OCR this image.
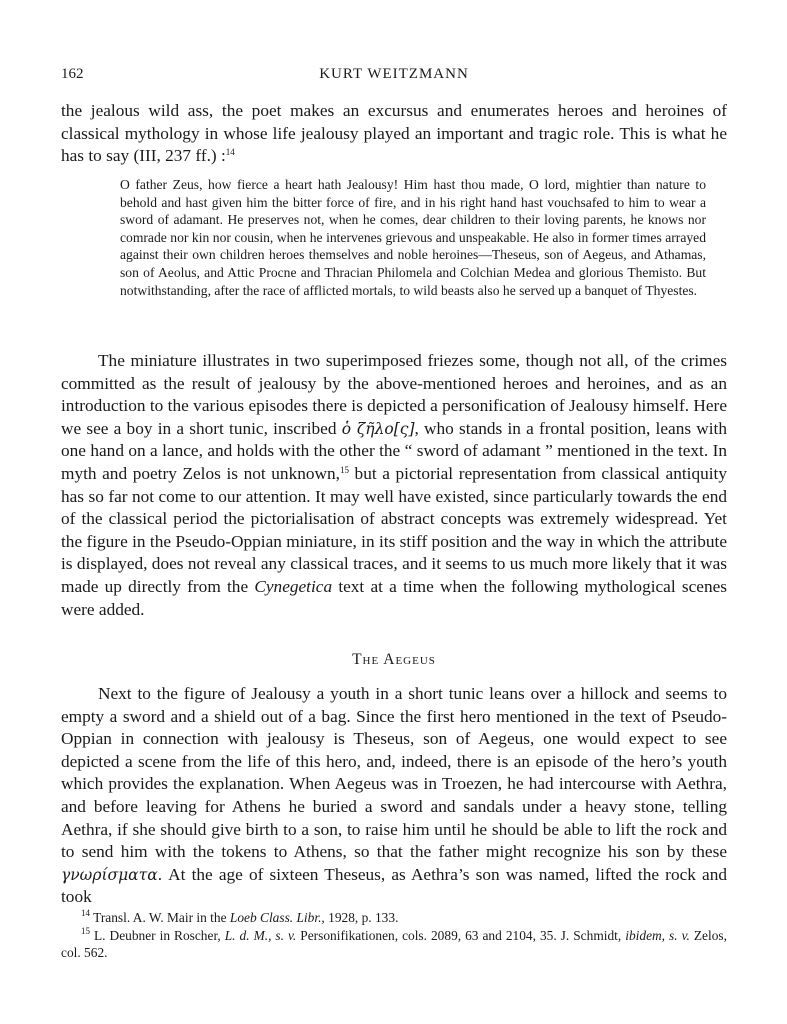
162	KURT WEITZMANN

the jealous wild ass, the poet makes an excursus and enumerates heroes and heroines of classical mythology in whose life jealousy played an important and tragic role. This is what he has to say (III, 237 ff.) :$^{14}$

O father Zeus, how fierce a heart hath Jealousy! Him hast thou made, O lord, mightier than nature to behold and hast given him the bitter force of fire, and in his right hand hast vouchsafed to him to wear a sword of adamant. He preserves not, when he comes, dear children to their loving parents, he knows nor comrade nor kin nor cousin, when he intervenes grievous and unspeakable. He also in former times arrayed against their own children heroes themselves and noble heroines—Theseus, son of Aegeus, and Athamas, son of Aeolus, and Attic Procne and Thracian Philomela and Colchian Medea and glorious Themisto. But notwithstanding, after the race of afflicted mortals, to wild beasts also he served up a banquet of Thyestes.

The miniature illustrates in two superimposed friezes some, though not all, of the crimes committed as the result of jealousy by the above-mentioned heroes and heroines, and as an introduction to the various episodes there is depicted a personification of Jealousy himself. Here we see a boy in a short tunic, inscribed ὁ ζῆλο[ς], who stands in a frontal position, leans with one hand on a lance, and holds with the other the “ sword of adamant ” mentioned in the text. In myth and poetry Zelos is not unknown,$^{15}$ but a pictorial representation from classical antiquity has so far not come to our attention. It may well have existed, since particularly towards the end of the classical period the pictorialisation of abstract concepts was extremely widespread. Yet the figure in the Pseudo-Oppian miniature, in its stiff position and the way in which the attribute is displayed, does not reveal any classical traces, and it seems to us much more likely that it was made up directly from the Cynegetica text at a time when the following mythological scenes were added.

The Aegeus

Next to the figure of Jealousy a youth in a short tunic leans over a hillock and seems to empty a sword and a shield out of a bag. Since the first hero mentioned in the text of Pseudo-Oppian in connection with jealousy is Theseus, son of Aegeus, one would expect to see depicted a scene from the life of this hero, and, indeed, there is an episode of the hero’s youth which provides the explanation. When Aegeus was in Troezen, he had intercourse with Aethra, and before leaving for Athens he buried a sword and sandals under a heavy stone, telling Aethra, if she should give birth to a son, to raise him until he should be able to lift the rock and to send him with the tokens to Athens, so that the father might recognize his son by these γνωρίσματα. At the age of sixteen Theseus, as Aethra’s son was named, lifted the rock and took

$^{14}$ Transl. A. W. Mair in the Loeb Class. Libr., 1928, p. 133.

$^{15}$ L. Deubner in Roscher, L. d. M., s. v. Personifikationen, cols. 2089, 63 and 2104, 35. J. Schmidt, ibidem, s. v. Zelos, col. 562.
